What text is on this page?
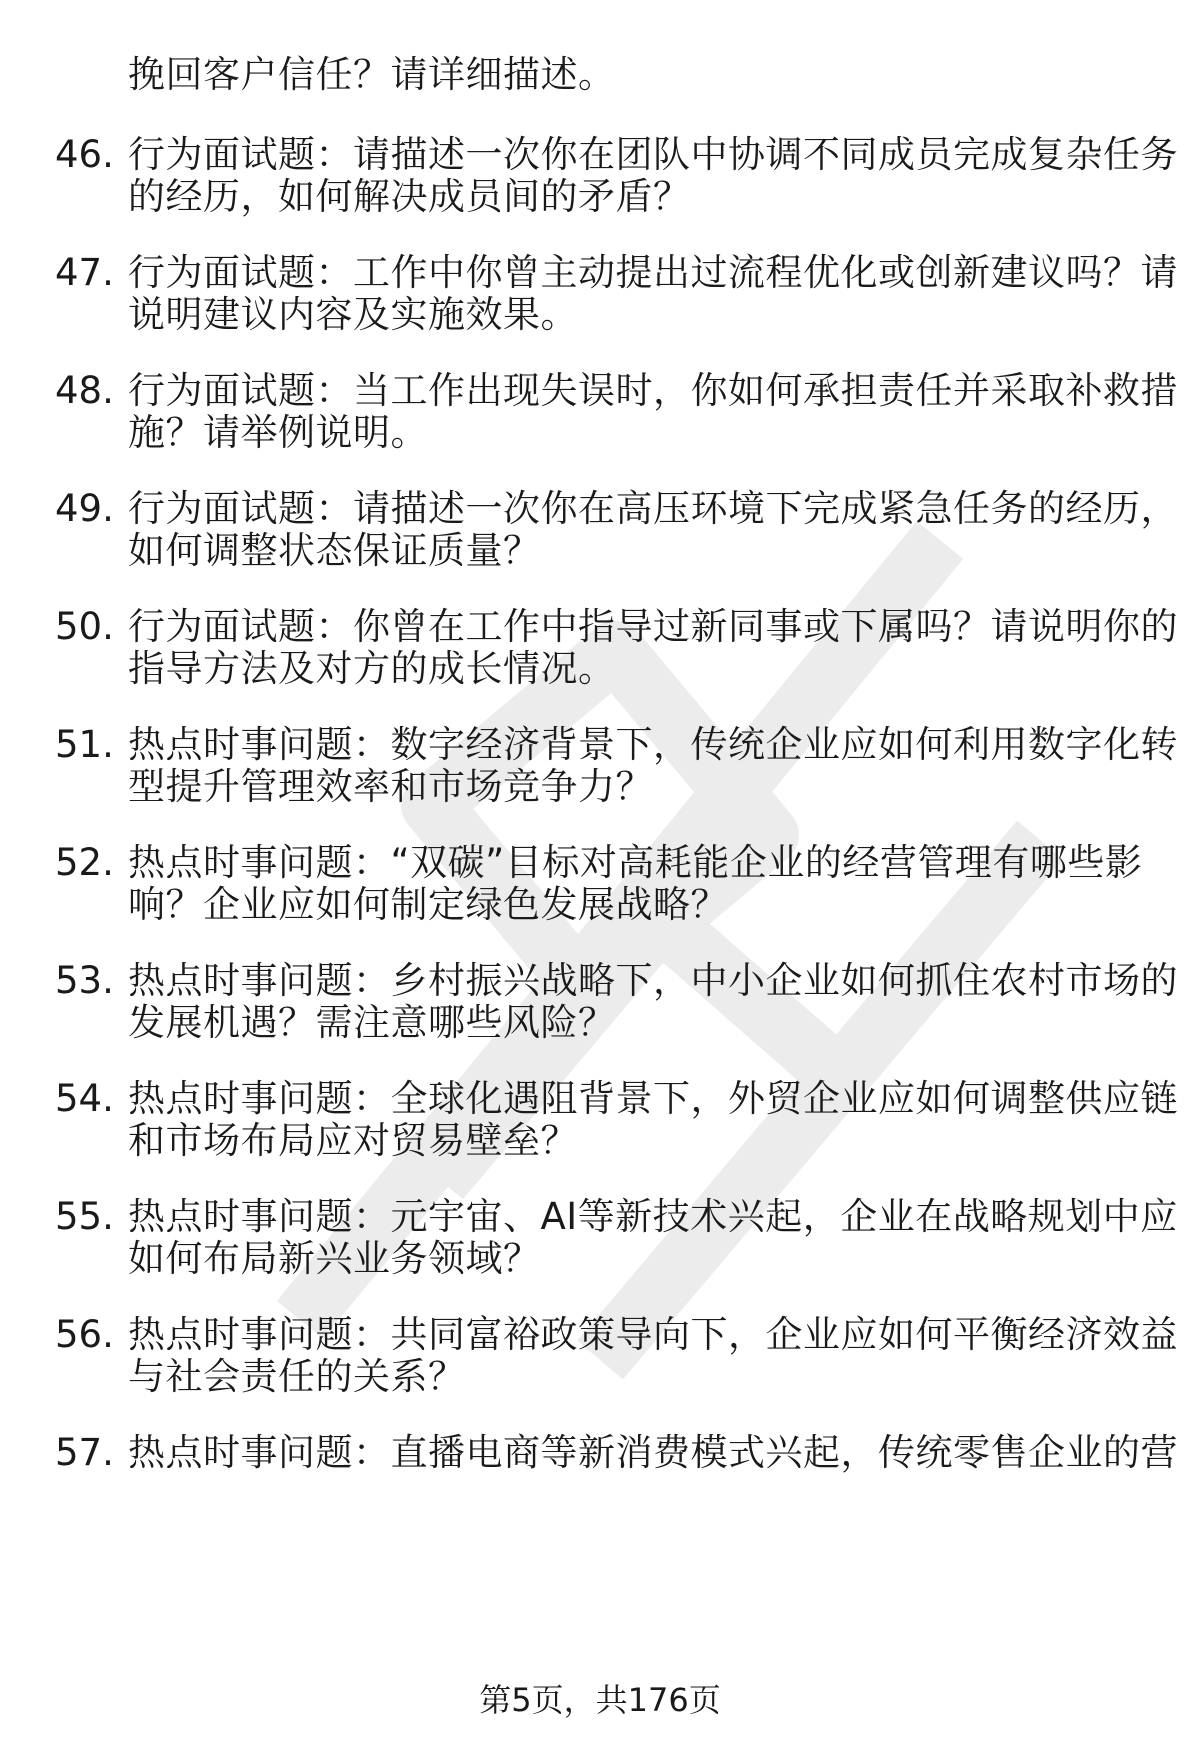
挽回客户信任？请详细描述。
46. 行为面试题：请描述一次你在团队中协调不同成员完成复杂任务
的经历，如何解决成员间的矛盾？
47. 行为面试题：工作中你曾主动提出过流程优化或创新建议吗？请
说明建议内容及实施效果。
48. 行为面试题：当工作出现失误时，你如何承担责任并采取补救措
施？请举例说明。
49. 行为面试题：请描述一次你在高压环境下完成紧急任务的经历，
如何调整状态保证质量？
50. 行为面试题：你曾在工作中指导过新同事或下属吗？请说明你的
指导方法及对方的成长情况。
51. 热点时事问题：数字经济背景下，传统企业应如何利用数字化转
型提升管理效率和市场竞争力？
52. 热点时事问题：“双碳”目标对高耗能企业的经营管理有哪些影
响？企业应如何制定绿色发展战略？
53. 热点时事问题：乡村振兴战略下，中小企业如何抓住农村市场的
发展机遇？需注意哪些风险？
54. 热点时事问题：全球化遇阻背景下，外贸企业应如何调整供应链
和市场布局应对贸易壁垒？
55. 热点时事问题：元宇宙、AI等新技术兴起，企业在战略规划中应
如何布局新兴业务领域？
56. 热点时事问题：共同富裕政策导向下，企业应如何平衡经济效益
与社会责任的关系？
57. 热点时事问题：直播电商等新消费模式兴起，传统零售企业的营
第5页，共176页
